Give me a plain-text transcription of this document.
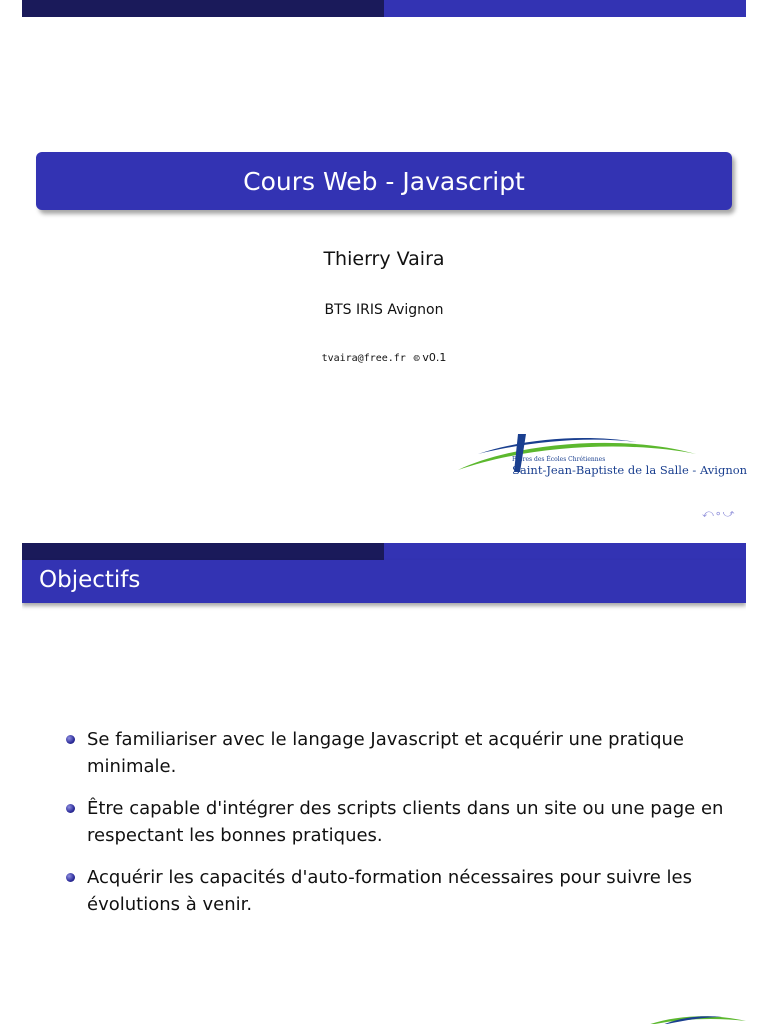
Cours Web - Javascript
Thierry Vaira
BTS IRIS Avignon
tvaira@free.fr 🅭 v0.1
Frères des Écoles Chrétiennes
Saint-Jean-Baptiste de la Salle - Avignon
⤺∘⤻
Objectifs
Se familiariser avec le langage Javascript et acquérir une pratique minimale.
Être capable d'intégrer des scripts clients dans un site ou une page en respectant les bonnes pratiques.
Acquérir les capacités d'auto-formation nécessaires pour suivre les évolutions à venir.
